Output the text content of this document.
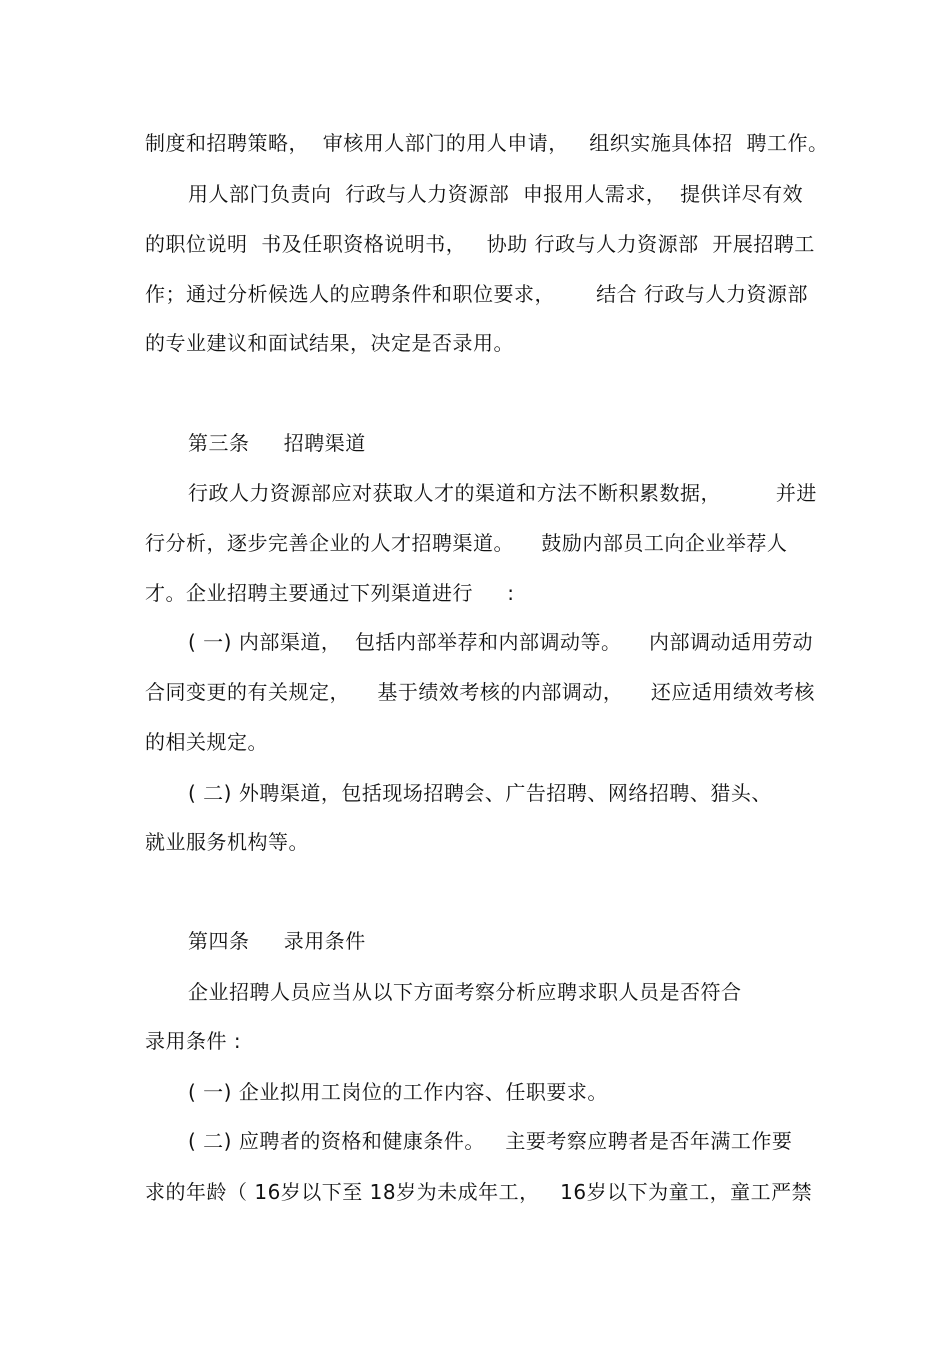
制度和招聘策略，  审核用人部门的用人申请，   组织实施具体招  聘工作。
用人部门负责向  行政与人力资源部  申报用人需求，  提供详尽有效
的职位说明  书及任职资格说明书，   协助 行政与人力资源部  开展招聘工
作；通过分析候选人的应聘条件和职位要求，      结合 行政与人力资源部
的专业建议和面试结果，决定是否录用。
第三条     招聘渠道
行政人力资源部应对获取人才的渠道和方法不断积累数据，        并进
行分析，逐步完善企业的人才招聘渠道。    鼓励内部员工向企业举荐人
才。企业招聘主要通过下列渠道进行     :
( 一) 内部渠道，  包括内部举荐和内部调动等。    内部调动适用劳动
合同变更的有关规定，    基于绩效考核的内部调动，    还应适用绩效考核
的相关规定。
( 二) 外聘渠道，包括现场招聘会、广告招聘、网络招聘、猎头、
就业服务机构等。
第四条     录用条件
企业招聘人员应当从以下方面考察分析应聘求职人员是否符合
录用条件 :
( 一) 企业拟用工岗位的工作内容、任职要求。
( 二) 应聘者的资格和健康条件。   主要考察应聘者是否年满工作要
求的年龄（ 16岁以下至 18岁为未成年工，   16岁以下为童工，童工严禁
